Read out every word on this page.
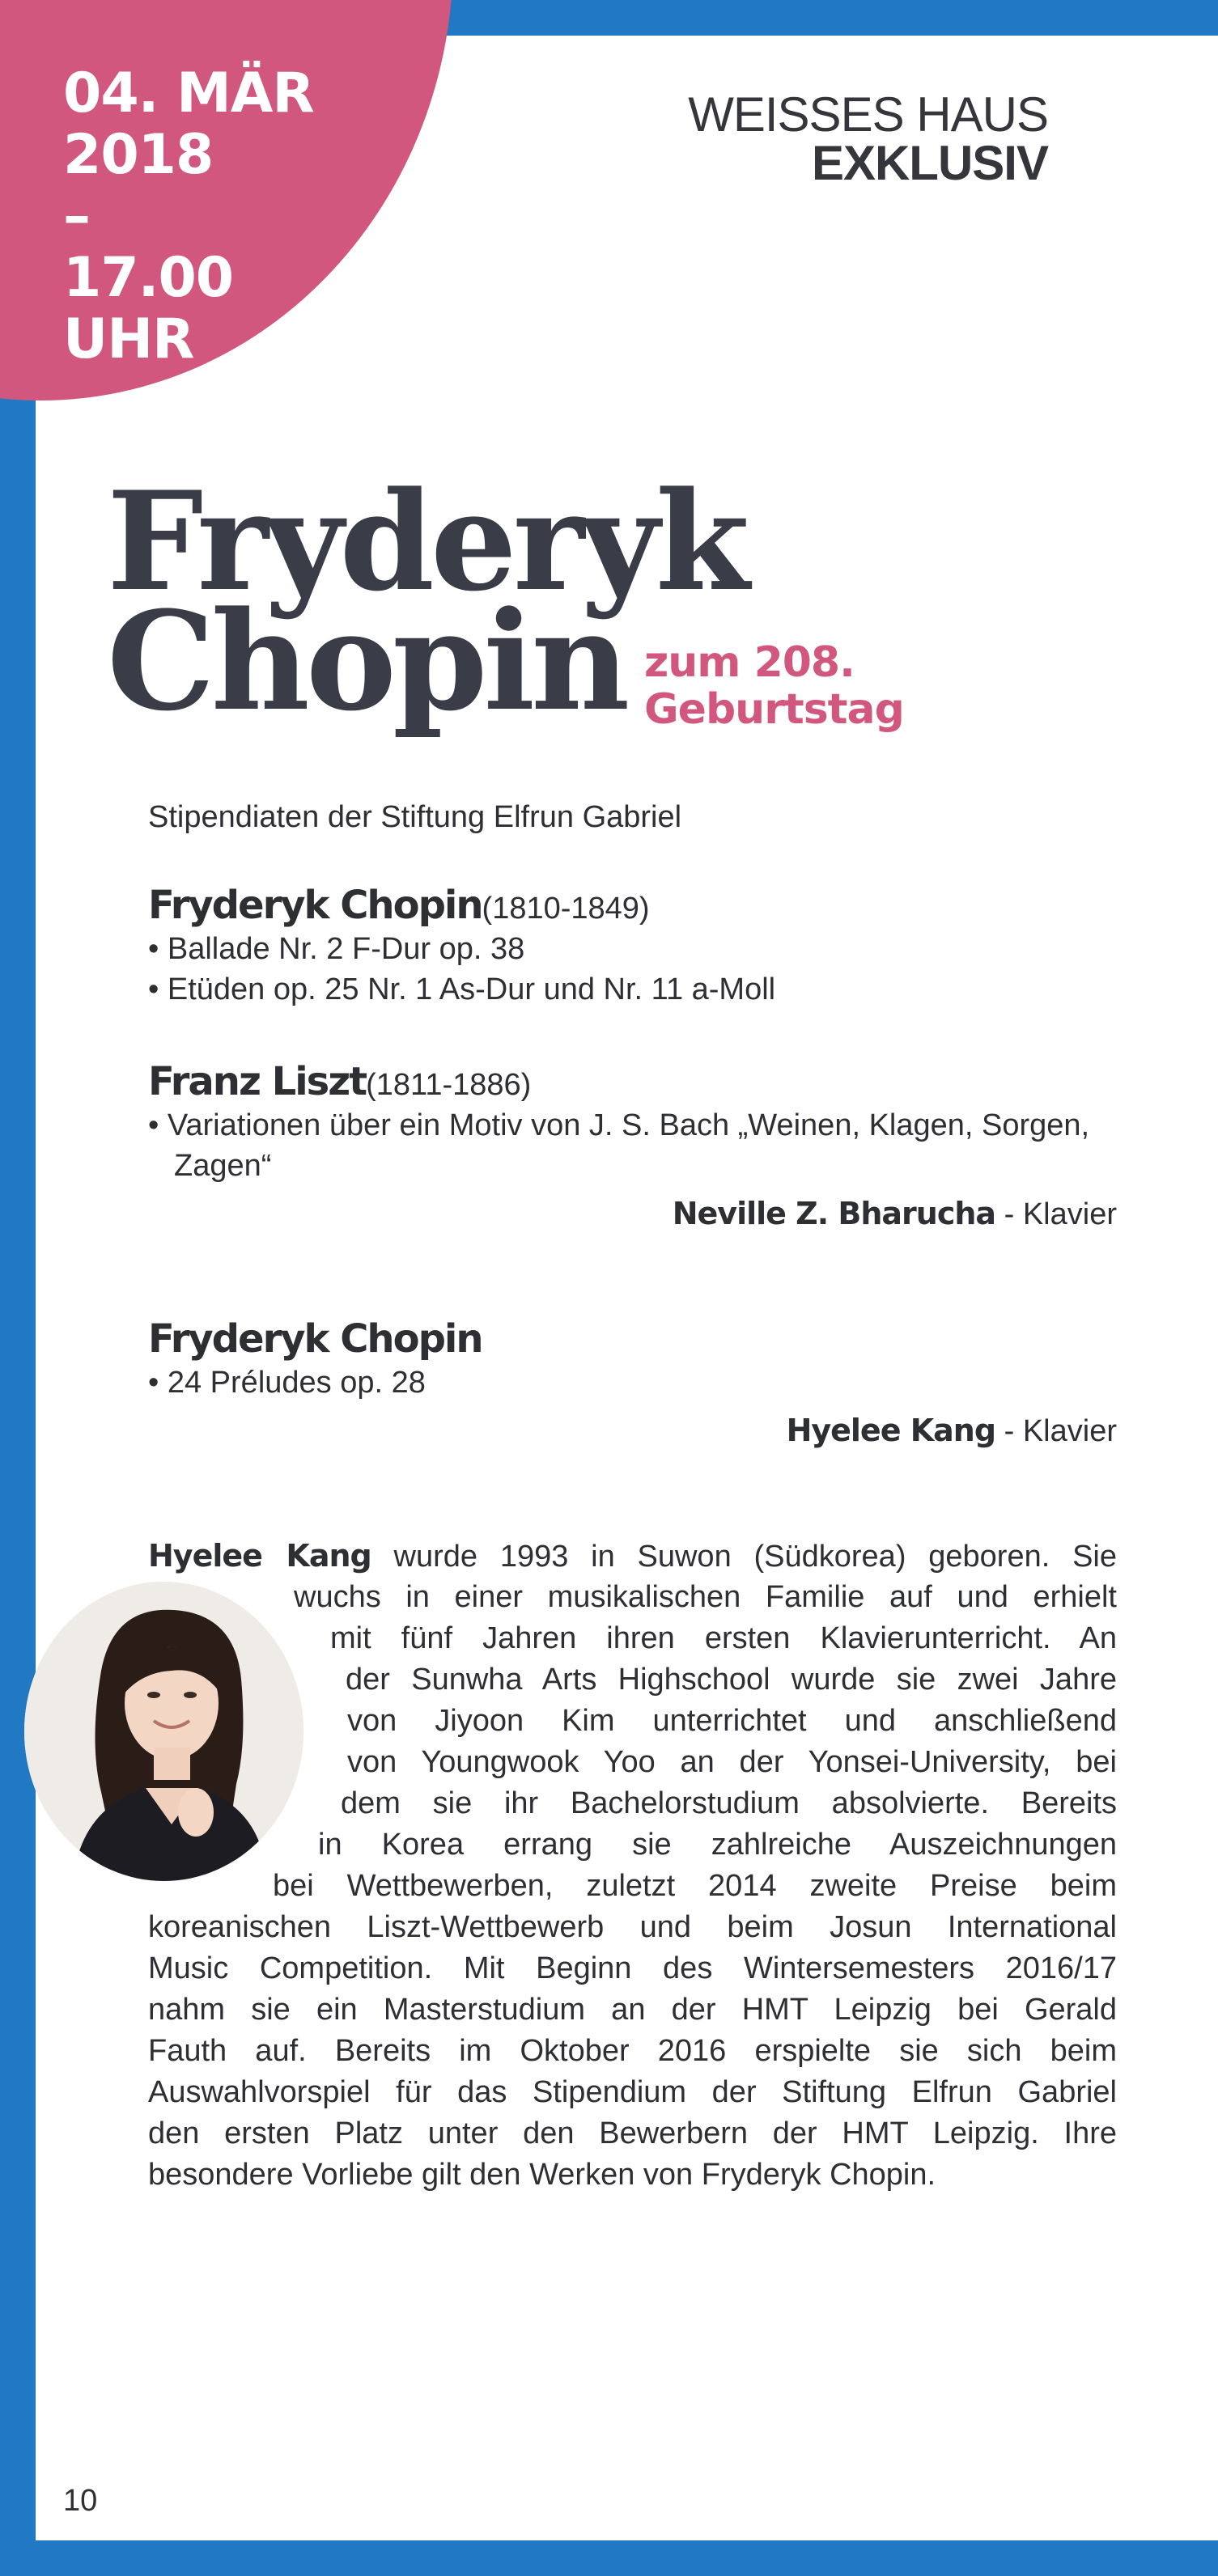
04. MÄR
2018
–
17.00
UHR
WEISSES HAUS
EXKLUSIV
Fryderyk
Chopin zum 208.
Geburtstag
Stipendiaten der Stiftung Elfrun Gabriel
Fryderyk Chopin(1810-1849)
• Ballade Nr. 2 F-Dur op. 38
• Etüden op. 25 Nr. 1 As-Dur und Nr. 11 a-Moll
Franz Liszt(1811-1886)
• Variationen über ein Motiv von J. S. Bach „Weinen, Klagen, Sorgen, Zagen“
Neville Z. Bharucha - Klavier
Fryderyk Chopin
• 24 Préludes op. 28
Hyelee Kang - Klavier
Hyelee Kang wurde 1993 in Suwon (Südkorea) geboren. Sie
wuchs in einer musikalischen Familie auf und erhielt
mit fünf Jahren ihren ersten Klavierunterricht. An
der Sunwha Arts Highschool wurde sie zwei Jahre
von Jiyoon Kim unterrichtet und anschließend
von Youngwook Yoo an der Yonsei-University, bei
dem sie ihr Bachelorstudium absolvierte. Bereits
in Korea errang sie zahlreiche Auszeichnungen
bei Wettbewerben, zuletzt 2014 zweite Preise beim
koreanischen Liszt-Wettbewerb und beim Josun International
Music Competition. Mit Beginn des Wintersemesters 2016/17
nahm sie ein Masterstudium an der HMT Leipzig bei Gerald
Fauth auf. Bereits im Oktober 2016 erspielte sie sich beim
Auswahlvorspiel für das Stipendium der Stiftung Elfrun Gabriel
den ersten Platz unter den Bewerbern der HMT Leipzig. Ihre
besondere Vorliebe gilt den Werken von Fryderyk Chopin.
10
